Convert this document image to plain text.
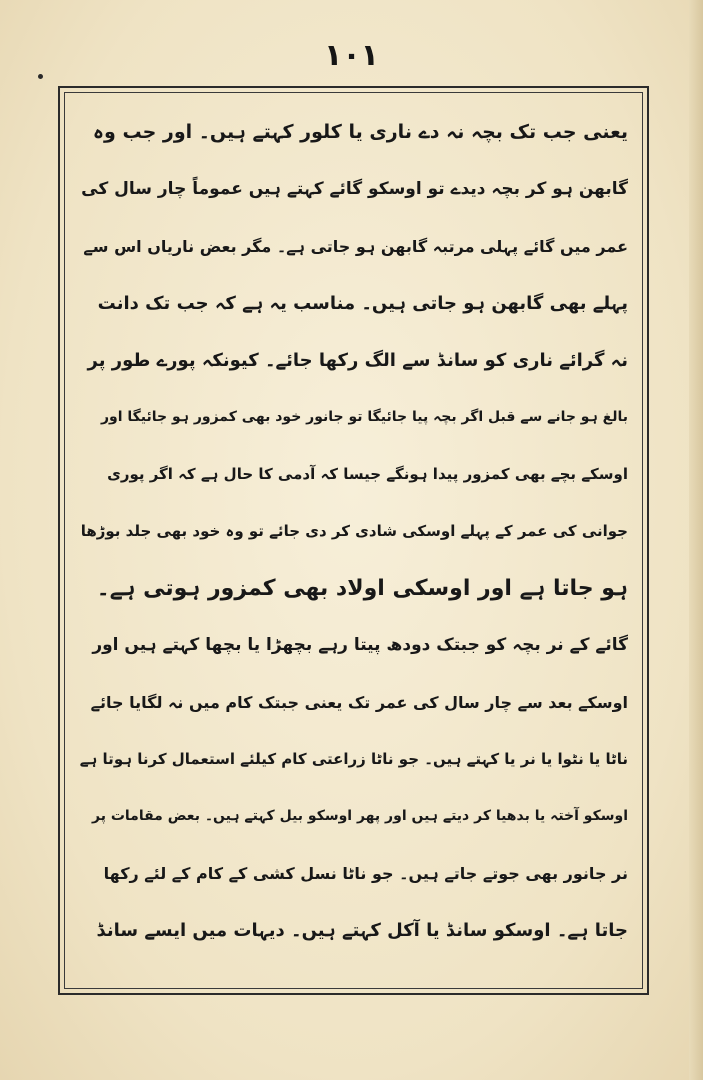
۱۰۱
یعنی جب تک بچہ نہ دے ناری یا کلور کہتے ہیں۔ اور جب وہ
گابھن ہو کر بچہ دیدے تو اوسکو گائے کہتے ہیں عموماً چار سال کی
عمر میں گائے پہلی مرتبہ گابھن ہو جاتی ہے۔ مگر بعض ناریاں اس سے
پہلے بھی گابھن ہو جاتی ہیں۔ مناسب یہ ہے کہ جب تک دانت
نہ گرائے ناری کو سانڈ سے الگ رکھا جائے۔ کیونکہ پورے طور پر
بالغ ہو جانے سے قبل اگر بچہ پیا جائیگا تو جانور خود بھی کمزور ہو جائیگا اور
اوسکے بچے بھی کمزور پیدا ہونگے جیسا کہ آدمی کا حال ہے کہ اگر پوری
جوانی کی عمر کے پہلے اوسکی شادی کر دی جائے تو وہ خود بھی جلد بوڑھا
ہو جاتا ہے اور اوسکی اولاد بھی کمزور ہوتی ہے۔
گائے کے نر بچہ کو جبتک دودھ پیتا رہے بچھڑا یا بچھا کہتے ہیں اور
اوسکے بعد سے چار سال کی عمر تک یعنی جبتک کام میں نہ لگایا جائے
ناٹا یا نٹوا یا نر یا کہتے ہیں۔ جو ناٹا زراعتی کام کیلئے استعمال کرنا ہوتا ہے
اوسکو آختہ یا بدھیا کر دیتے ہیں اور پھر اوسکو بیل کہتے ہیں۔ بعض مقامات پر
نر جانور بھی جوتے جاتے ہیں۔ جو ناٹا نسل کشی کے کام کے لئے رکھا
جاتا ہے۔ اوسکو سانڈ یا آکل کہتے ہیں۔ دیہات میں ایسے سانڈ
